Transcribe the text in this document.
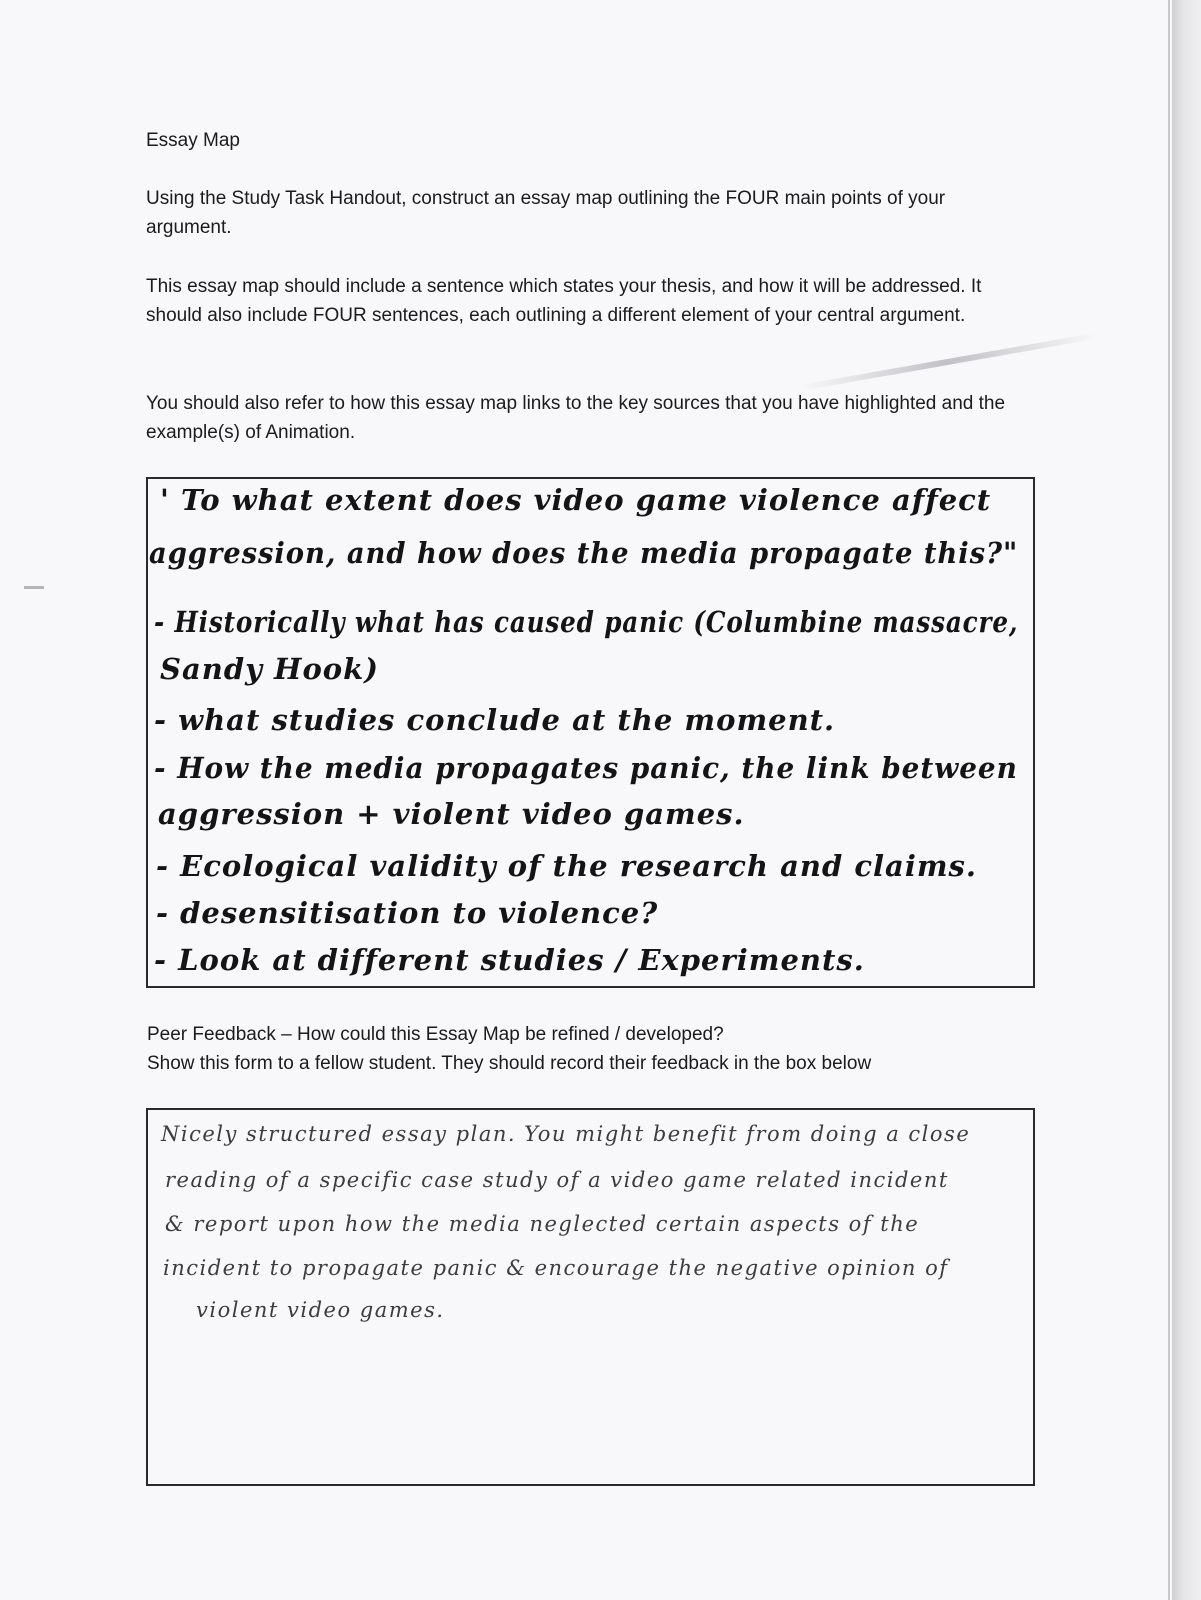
Essay Map

Using the Study Task Handout, construct an essay map outlining the FOUR main points of your argument.

This essay map should include a sentence which states your thesis, and how it will be addressed. It should also include FOUR sentences, each outlining a different element of your central argument.

You should also refer to how this essay map links to the key sources that you have highlighted and the example(s) of Animation.

' To what extent does video game violence affect

aggression, and how does the media propagate this?"

- Historically what has caused panic (Columbine massacre,

Sandy Hook)

- what studies conclude at the moment.

- How the media propagates panic, the link between

aggression + violent video games.

- Ecological validity of the research and claims.

- desensitisation to violence?

- Look at different studies / Experiments.

Peer Feedback – How could this Essay Map be refined / developed?
Show this form to a fellow student. They should record their feedback in the box below

Nicely structured essay plan. You might benefit from doing a close

reading of a specific case study of a video game related incident

& report upon how the media neglected certain aspects of the

incident to propagate panic & encourage the negative opinion of

violent video games.
